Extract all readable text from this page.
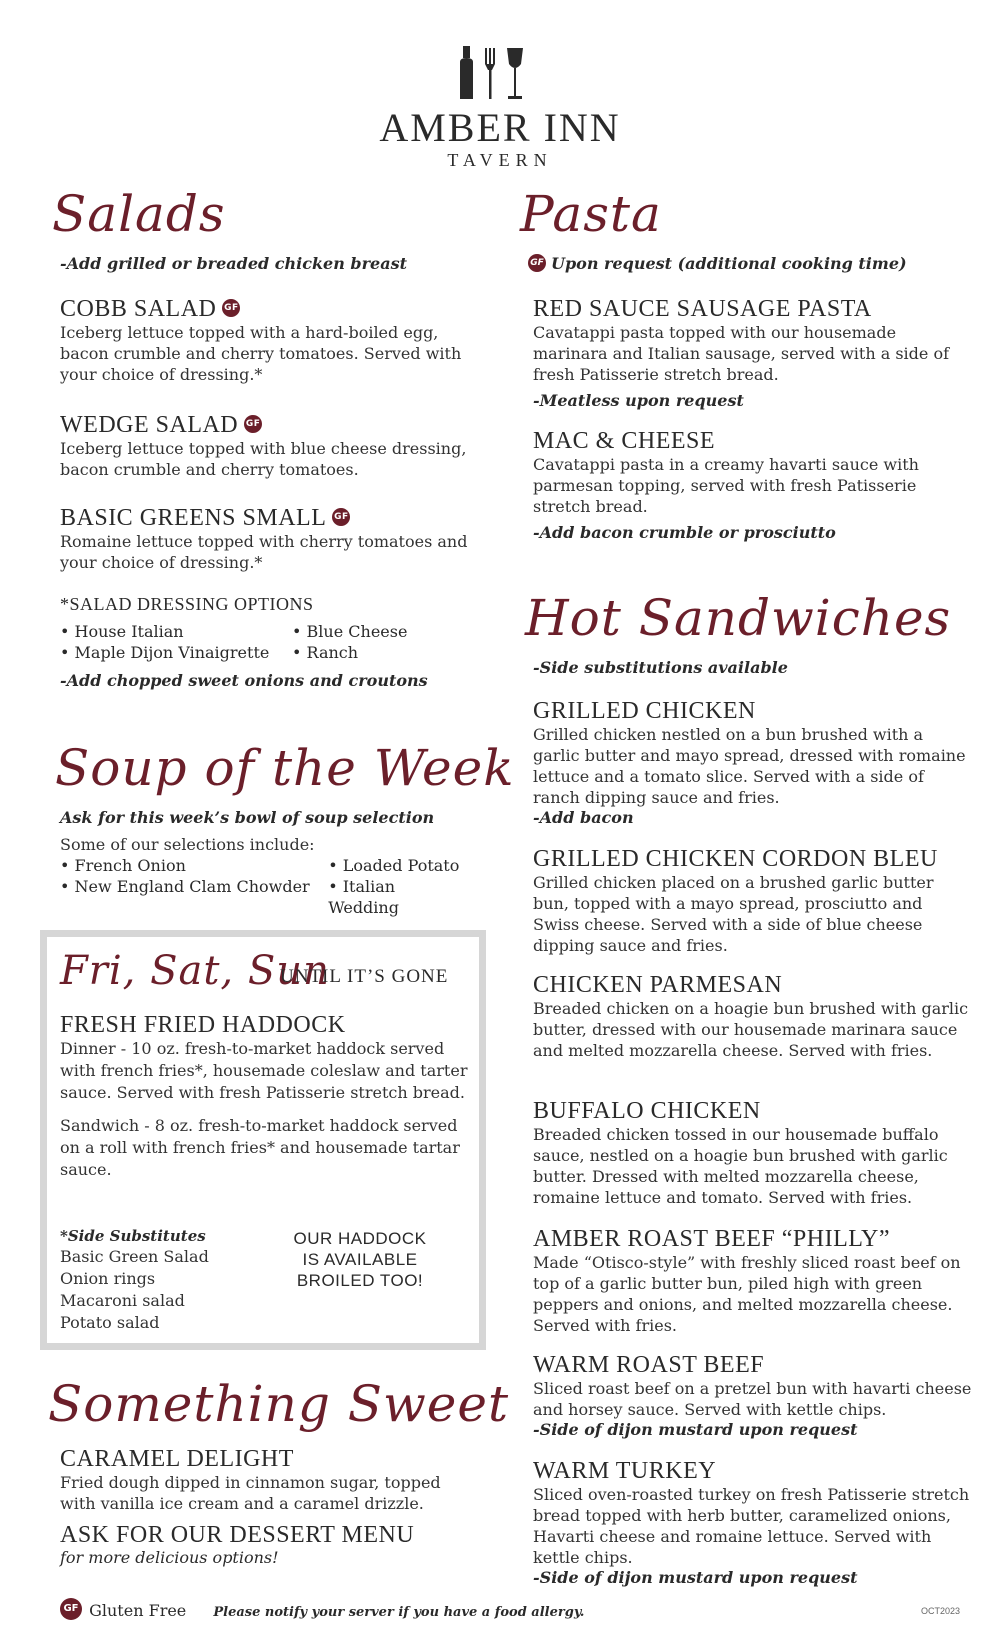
AMBER INN
TAVERN
Salads
-Add grilled or breaded chicken breast
COBB SALAD GF
Iceberg lettuce topped with a hard-boiled egg, bacon crumble and cherry tomatoes. Served with your choice of dressing.*
WEDGE SALAD GF
Iceberg lettuce topped with blue cheese dressing, bacon crumble and cherry tomatoes.
BASIC GREENS SMALL GF
Romaine lettuce topped with cherry tomatoes and your choice of dressing.*
*SALAD DRESSING OPTIONS
• House Italian
• Maple Dijon Vinaigrette
• Blue Cheese
• Ranch
-Add chopped sweet onions and croutons
Soup of the Week
Ask for this week’s bowl of soup selection
Some of our selections include:
• French Onion
• New England Clam Chowder
• Loaded Potato
• Italian Wedding
Fri, Sat, Sun
UNTIL IT’S GONE
FRESH FRIED HADDOCK
Dinner - 10 oz. fresh-to-market haddock served with french fries*, housemade coleslaw and tarter sauce. Served with fresh Patisserie stretch bread.
Sandwich - 8 oz. fresh-to-market haddock served on a roll with french fries* and housemade tartar sauce.
*Side Substitutes
Basic Green Salad
Onion rings
Macaroni salad
Potato salad
OUR HADDOCK
IS AVAILABLE
BROILED TOO!
Something Sweet
CARAMEL DELIGHT
Fried dough dipped in cinnamon sugar, topped with vanilla ice cream and a caramel drizzle.
ASK FOR OUR DESSERT MENU
for more delicious options!
Pasta
GF Upon request (additional cooking time)
RED SAUCE SAUSAGE PASTA
Cavatappi pasta topped with our housemade marinara and Italian sausage, served with a side of fresh Patisserie stretch bread.
-Meatless upon request
MAC & CHEESE
Cavatappi pasta in a creamy havarti sauce with parmesan topping, served with fresh Patisserie stretch bread.
-Add bacon crumble or prosciutto
Hot Sandwiches
-Side substitutions available
GRILLED CHICKEN
Grilled chicken nestled on a bun brushed with a garlic butter and mayo spread, dressed with romaine lettuce and a tomato slice. Served with a side of ranch dipping sauce and fries.
-Add bacon
GRILLED CHICKEN CORDON BLEU
Grilled chicken placed on a brushed garlic butter bun, topped with a mayo spread, prosciutto and Swiss cheese. Served with a side of blue cheese dipping sauce and fries.
CHICKEN PARMESAN
Breaded chicken on a hoagie bun brushed with garlic butter, dressed with our housemade marinara sauce and melted mozzarella cheese. Served with fries.
BUFFALO CHICKEN
Breaded chicken tossed in our housemade buffalo sauce, nestled on a hoagie bun brushed with garlic butter. Dressed with melted mozzarella cheese, romaine lettuce and tomato. Served with fries.
AMBER ROAST BEEF “PHILLY”
Made “Otisco-style” with freshly sliced roast beef on top of a garlic butter bun, piled high with green peppers and onions, and melted mozzarella cheese. Served with fries.
WARM ROAST BEEF
Sliced roast beef on a pretzel bun with havarti cheese and horsey sauce. Served with kettle chips.
-Side of dijon mustard upon request
WARM TURKEY
Sliced oven-roasted turkey on fresh Patisserie stretch bread topped with herb butter, caramelized onions, Havarti cheese and romaine lettuce. Served with kettle chips.
-Side of dijon mustard upon request
GF Gluten Free Please notify your server if you have a food allergy.	OCT2023
